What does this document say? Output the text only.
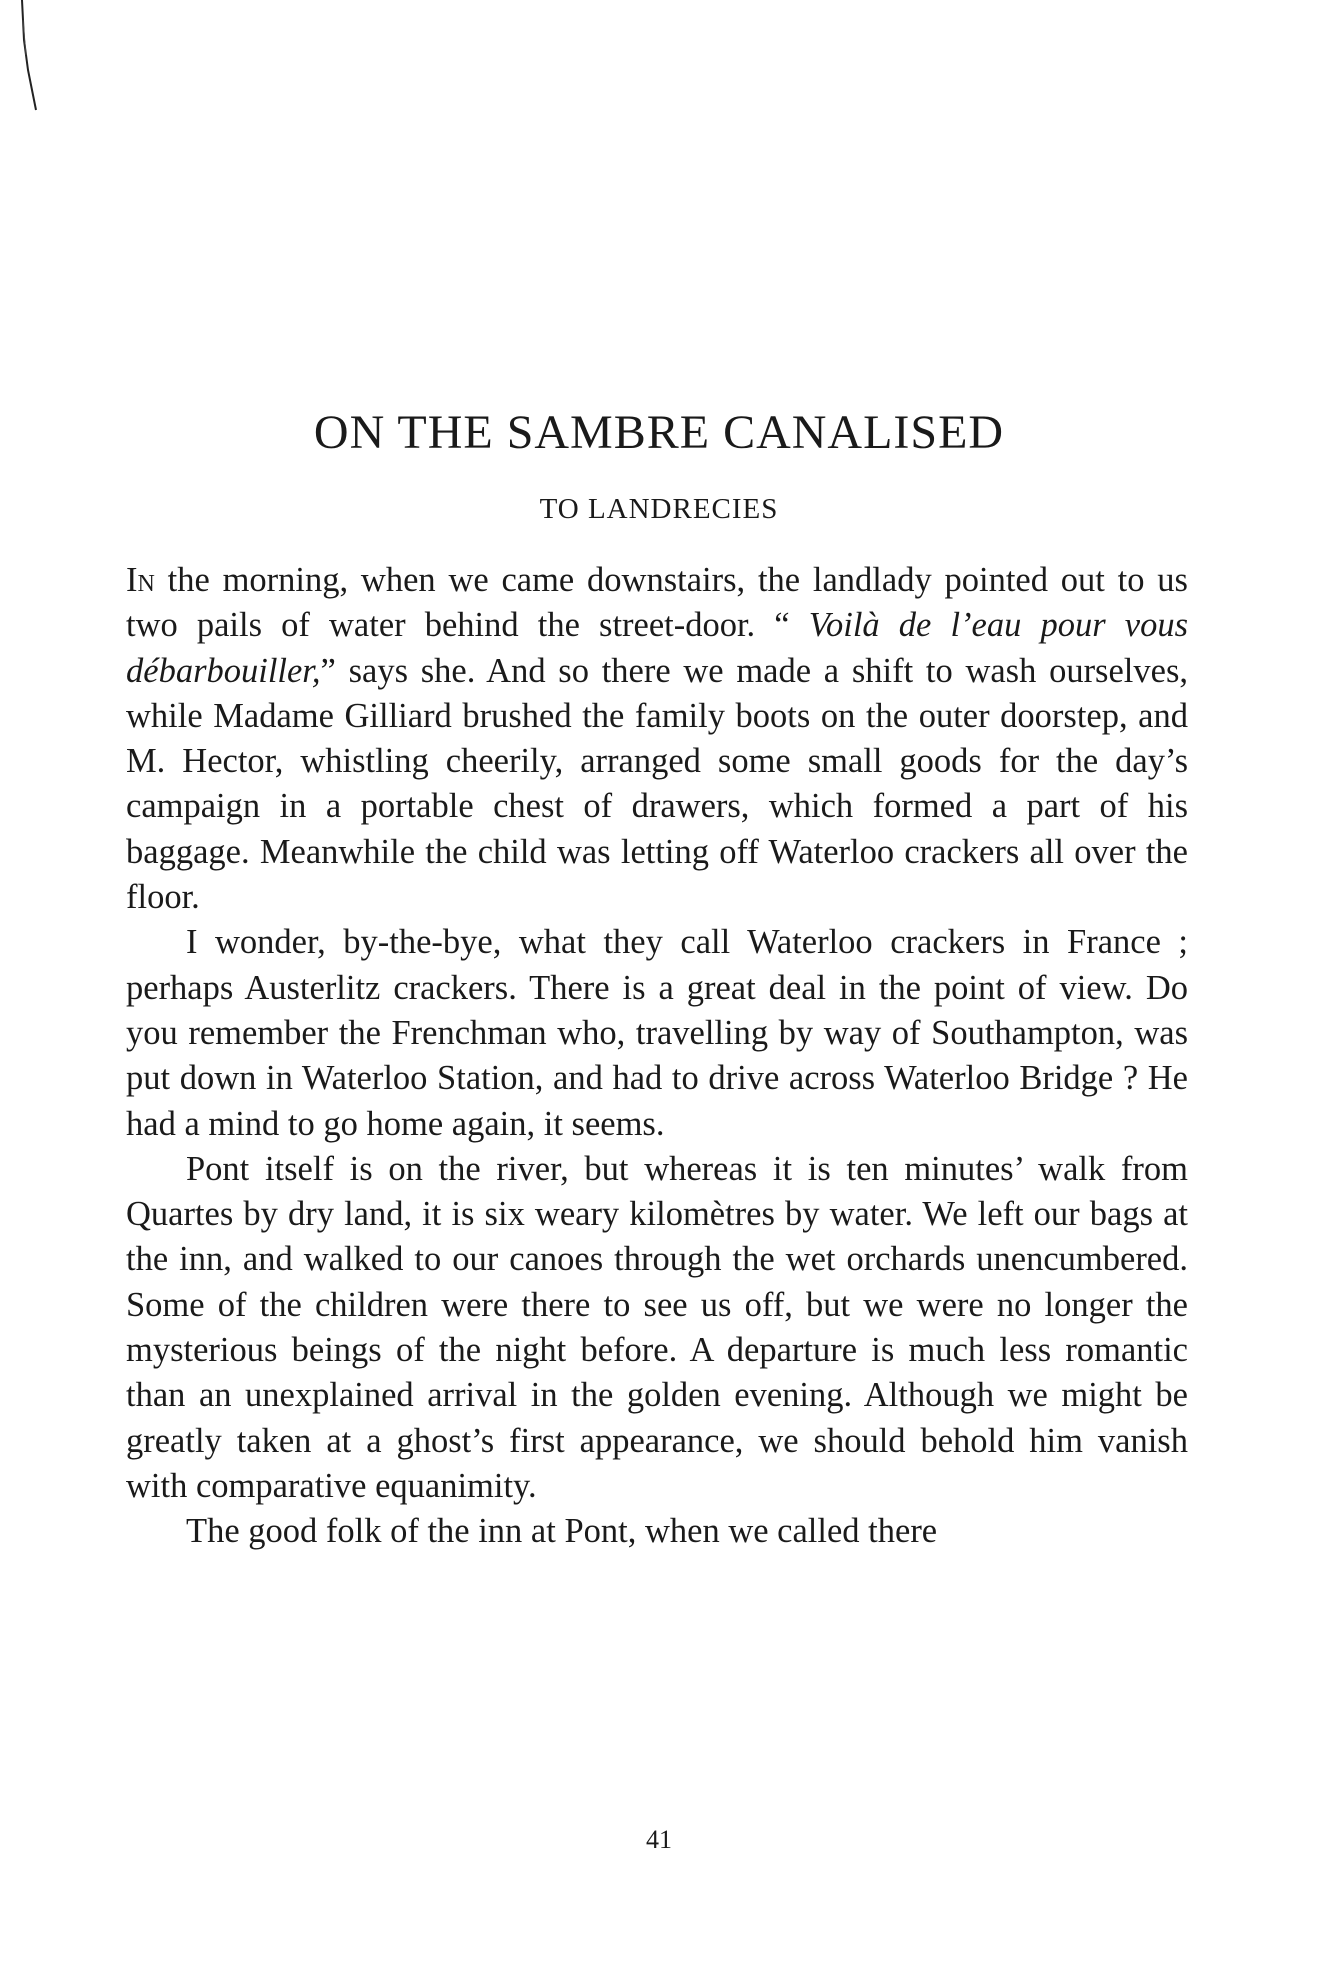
ON THE SAMBRE CANALISED
TO LANDRECIES

In the morning, when we came downstairs, the landlady pointed out to us two pails of water behind the street-door. “ Voilà de l’eau pour vous débarbouiller,” says she. And so there we made a shift to wash ourselves, while Madame Gilliard brushed the family boots on the outer doorstep, and M. Hector, whistling cheerily, arranged some small goods for the day’s campaign in a portable chest of drawers, which formed a part of his baggage. Meanwhile the child was letting off Waterloo crackers all over the floor.

I wonder, by-the-bye, what they call Waterloo crackers in France ; perhaps Austerlitz crackers. There is a great deal in the point of view. Do you remember the Frenchman who, travelling by way of Southampton, was put down in Waterloo Station, and had to drive across Waterloo Bridge ? He had a mind to go home again, it seems.

Pont itself is on the river, but whereas it is ten minutes’ walk from Quartes by dry land, it is six weary kilomètres by water. We left our bags at the inn, and walked to our canoes through the wet orchards unencumbered. Some of the children were there to see us off, but we were no longer the mysterious beings of the night before. A departure is much less romantic than an unexplained arrival in the golden evening. Although we might be greatly taken at a ghost’s first appearance, we should behold him vanish with comparative equanimity.

The good folk of the inn at Pont, when we called there

41
